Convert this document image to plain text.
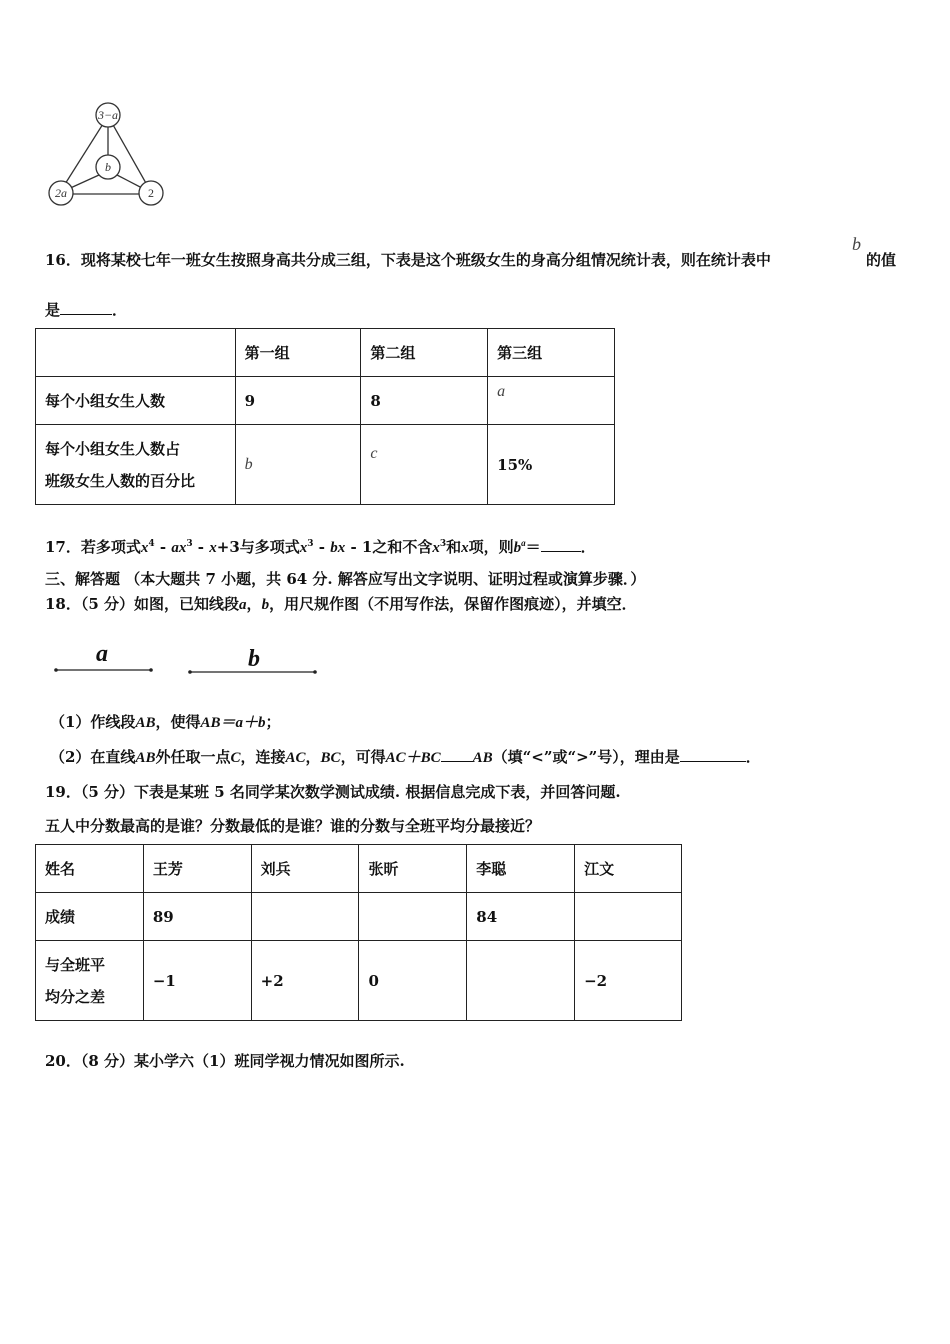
3−a
b
2a	2
16．现将某校七年一班女生按照身高共分成三组，下表是这个班级女生的身高分组情况统计表，则在统计表中
b
的值
是	．
	第一组	第二组	第三组
每个小组女生人数	9	8	a

每个小组女生人数占
班级女生人数的百分比	b	c	15%
17．若多项式$x^4 - ax^3 - x+3$与多项式$x^3$ - bx - 1之和不含$x^3$和x项，则$b^a=$	．
三、解答题 （本大题共 7 小题，共 64 分. 解答应写出文字说明、证明过程或演算步骤．）
18．（5 分）如图，已知线段a，b，用尺规作图（不用写作法，保留作图痕迹），并填空．
a	b
（1）作线段AB，使得AB＝a＋b；
（2）在直线AB外任取一点C，连接AC，BC，可得AC＋BC AB（填“<”或“>”号），理由是	．
19．（5 分）下表是某班 5 名同学某次数学测试成绩. 根据信息完成下表，并回答问题.
五人中分数最高的是谁？分数最低的是谁？谁的分数与全班平均分最接近？
姓名	王芳	刘兵	张昕	李聪	江文
成绩	89			84	

与全班平
均分之差	−1	+2	0		−2
20．（8 分）某小学六（1）班同学视力情况如图所示.
